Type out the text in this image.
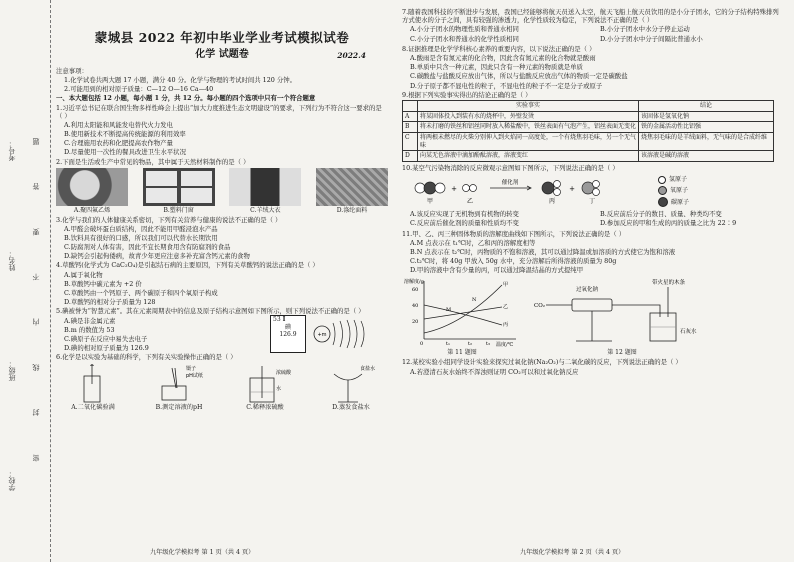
学校：
班级：
姓名：
考号： 密 封 线 内 不 要 答 题
蒙城县 2022 年初中毕业学业考试模拟试卷
化学 试题卷	2022.4

注意事项：

1.化学试卷共两大题 17 小题，满分 40 分。化学与物理的考试时间共 120 分钟。

2.可能用到的相对原子质量：C—12 O—16 Ca—40

一、本大题包括 12 小题，每小题 1 分，共 12 分。每小题的四个选项中只有一个符合题意

1.习近平总书记在联合国生物多样性峰会上提出“加大力度推进生态文明建设”的要求，下列行为不符合这一要求的是（ ）

A.利用太阳能和风能发电替代火力发电

B.使用新技术不断提高传统能源的利用效率

C.合理施用农药和化肥提高农作物产量

D.尽量使用一次性的餐具改进卫生水平状况

2.下面是生活或生产中常见的物品，其中属于天然材料制作的是（ ）

A.聚四氟乙烯	B.塑料门窗	C.羊绒大衣	D.涤纶面料

3.化学与我们的人体健康关系密切，下列有关营养与健康的说法不正确的是（ ）

A.甲醛会破坏蛋白质结构，因此不能用甲醛浸泡水产品

B.饮料具有很好的口感，所以我们可以代替水长期饮用

C.防腐剂对人体有害，因此不宜长期食用含有防腐剂的食品

D.缺钙会引起佝偻病，故青少年更应注意多补充富含钙元素的食物

4.草酸钙(化学式为 CaC₂O₄)是引起结石病的主要原因，下列有关草酸钙的说法正确的是（ ）

A.属于氧化物

B.草酸钙中碳元素为 +2 价

C.草酸钙由一个钙原子、两个碳原子和四个氧原子构成

D.草酸钙的相对分子质量为 128

5.碘被誉为“智慧元素”。其在元素周期表中的信息及原子结构示意图如下图所示，则下列说法不正确的是（ ）

A.碘是非金属元素

B.m 的数值为 53

C.碘原子在反应中易失去电子

D.碘的相对原子质量为 126.9

53 I
碘
126.9	+m

6.化学是以实验为基础的科学，下列有关实验操作正确的是（ ）

镊子
pH试纸	浓硫酸
水
食盐水
A.二氧化碳验满	B.测定溶液的pH	C.稀释浓硫酸	D.蒸发食盐水
九年级化学模拟考 第 1 页（共 4 页）

7.随着我国科技的不断进步与发展，我国已经能够将航天员送入太空，航天飞船上航天员饮用的是小分子团水，它的分子结构特殊排列方式使水的分子之间，具有较强的渗透力，化学性质较为稳定，下列说法不正确的是（ ）

A.小分子团水的物理性质和普通水相同	B.小分子团水中水分子停止运动

C.小分子团水和普通水的化学性质相同	D.小分子团水中分子间隔比普通水小

8.证据推理是化学学科核心素养的重要内容，以下说法正确的是（ ）

A.酸雨是含有氮元素的化合物，因此含有氮元素的化合物就是酸雨

B.单质中只含一种元素，因此只含有一种元素的物质就是单质

C.碳酸盐与盐酸反应放出气体，所以与盐酸反应放出气体的物质一定是碳酸盐

D.分子原子都不显电性的粒子，不显电性的粒子不一定是分子或原子

9.根据下列实验事实得出的结论正确的是（ ）

	实验事实	结论
A	将某固体投入到装有水的烧杯中，外壁发烫	该固体是氢氧化钠
B	将未打磨的铁丝和铝丝同时放入稀盐酸中，铁丝表面有气泡产生，铝丝表面无变化	铁的金属活动性比铝强
C	将两根未燃尽的火柴分别伸入到火焰同一高度处，一个有烧焦羽毛味，另一个无气味	烧焦羽毛味的是羊绒面料，无气味的是合成纤维
D	向某无色溶液中滴加酚酞溶液，溶液变红	该溶液是碱的溶液

10.某空气污染物消除的反应微观示意图如下图所示，下列说法正确的是（ ）

甲
+
乙
催化剂
丙
+
丁
氢原子
氧原子
碳原子

A.该反应实现了无机物到有机物的转变	B.反应前后分子的数目、质量、种类均不变

C.反应前后催化剂的质量和性质均不变	D.参加反应的甲和生成的丙的质量之比为 22∶9

11.甲、乙、丙三种固体物质的溶解度曲线如下图所示，下列说法正确的是（ ）

A.M 点表示在 t₁℃时，乙和丙的溶解度相等

B.N 点表示在 t₂℃时，丙物质的不饱和溶液，其可以通过降温或加溶质的方式使它为饱和溶液

C.t₂℃时，将 40g 甲放入 50g 水中，充分溶解后所得溶液的质量为 80g

D.甲的溶液中含有少量的丙，可以通过降温结晶的方式提纯甲

溶解度/g
温度/℃
60
40
20
甲
乙
丙
M
N
0	t₁	t₂	t₃
第 11 题图
CO₂
过氧化钠
带火星的木条
石灰水
第 12 题图

12.某校实验小组同学设计实验来探究过氧化钠(Na₂O₂)与二氧化碳的反应，下列说法正确的是（ ）

A.若澄清石灰水始终不浑浊则证明 CO₂可以和过氧化钠反应

九年级化学模拟考 第 2 页（共 4 页）
